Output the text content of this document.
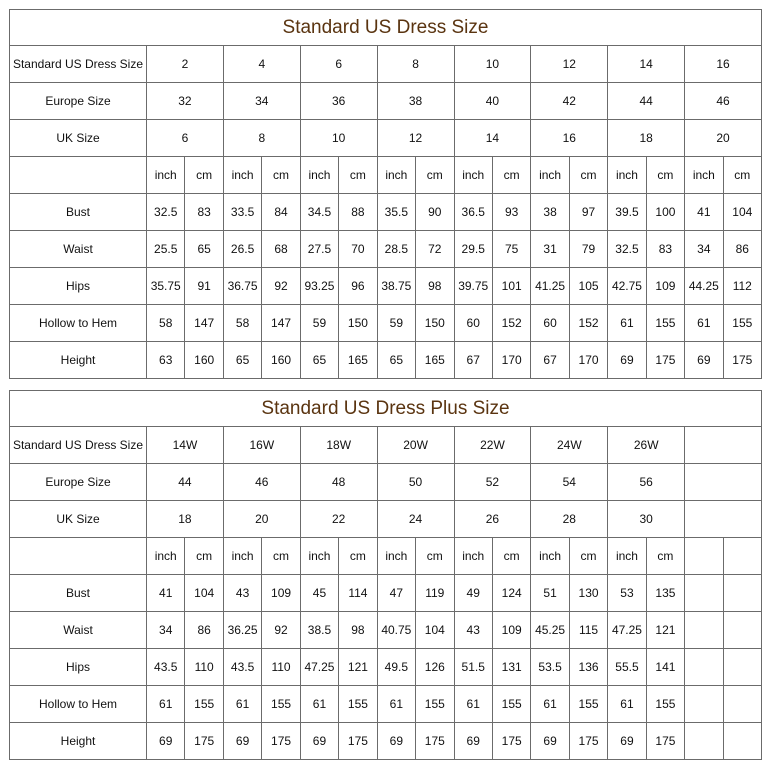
Standard US Dress Size
Standard US Dress Size	2		4		6		8		10		12		14		16	
Europe Size	32		34		36		38		40		42		44		46	
UK Size	6		8		10		12		14		16		18		20	
	inch	cm	inch	cm	inch	cm	inch	cm	inch	cm	inch	cm	inch	cm	inch	cm
Bust	32.5	83	33.5	84	34.5	88	35.5	90	36.5	93	38	97	39.5	100	41	104
Waist	25.5	65	26.5	68	27.5	70	28.5	72	29.5	75	31	79	32.5	83	34	86
Hips	35.75	91	36.75	92	93.25	96	38.75	98	39.75	101	41.25	105	42.75	109	44.25	112
Hollow to Hem	58	147	58	147	59	150	59	150	60	152	60	152	61	155	61	155
Height	63	160	65	160	65	165	65	165	67	170	67	170	69	175	69	175
Standard US Dress Plus Size
Standard US Dress Size	14W		16W		18W		20W		22W		24W		26W			
Europe Size	44		46		48		50		52		54		56			
UK Size	18		20		22		24		26		28		30			
	inch	cm	inch	cm	inch	cm	inch	cm	inch	cm	inch	cm	inch	cm		
Bust	41	104	43	109	45	114	47	119	49	124	51	130	53	135		
Waist	34	86	36.25	92	38.5	98	40.75	104	43	109	45.25	115	47.25	121		
Hips	43.5	110	43.5	110	47.25	121	49.5	126	51.5	131	53.5	136	55.5	141		
Hollow to Hem	61	155	61	155	61	155	61	155	61	155	61	155	61	155		
Height	69	175	69	175	69	175	69	175	69	175	69	175	69	175		
